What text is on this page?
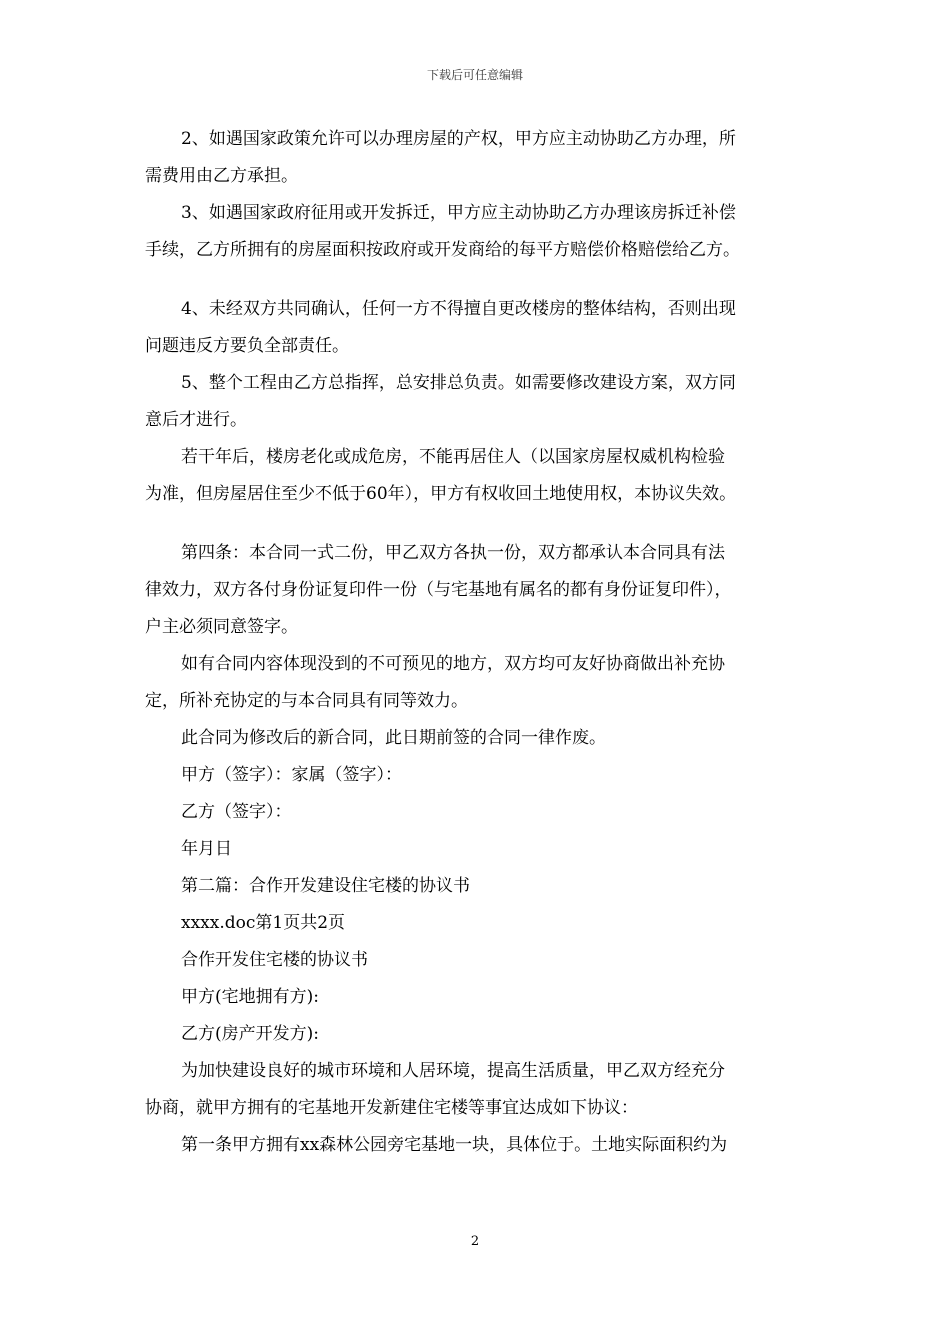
下载后可任意编辑
2、如遇国家政策允许可以办理房屋的产权，甲方应主动协助乙方办理，所
需费用由乙方承担。
3、如遇国家政府征用或开发拆迁，甲方应主动协助乙方办理该房拆迁补偿
手续，乙方所拥有的房屋面积按政府或开发商给的每平方赔偿价格赔偿给乙方。
4、未经双方共同确认，任何一方不得擅自更改楼房的整体结构，否则出现
问题违反方要负全部责任。
5、整个工程由乙方总指挥，总安排总负责。如需要修改建设方案，双方同
意后才进行。
若干年后，楼房老化或成危房，不能再居住人（以国家房屋权威机构检验
为准，但房屋居住至少不低于60年），甲方有权收回土地使用权，本协议失效。
第四条：本合同一式二份，甲乙双方各执一份，双方都承认本合同具有法
律效力，双方各付身份证复印件一份（与宅基地有属名的都有身份证复印件），
户主必须同意签字。
如有合同内容体现没到的不可预见的地方，双方均可友好协商做出补充协
定，所补充协定的与本合同具有同等效力。
此合同为修改后的新合同，此日期前签的合同一律作废。
甲方（签字）：家属（签字）：
乙方（签字）：
年月日
第二篇：合作开发建设住宅楼的协议书
xxxx.doc第1页共2页
合作开发住宅楼的协议书
甲方(宅地拥有方):
乙方(房产开发方):
为加快建设良好的城市环境和人居环境，提高生活质量，甲乙双方经充分
协商，就甲方拥有的宅基地开发新建住宅楼等事宜达成如下协议：
第一条甲方拥有xx森林公园旁宅基地一块，具体位于。土地实际面积约为
2
